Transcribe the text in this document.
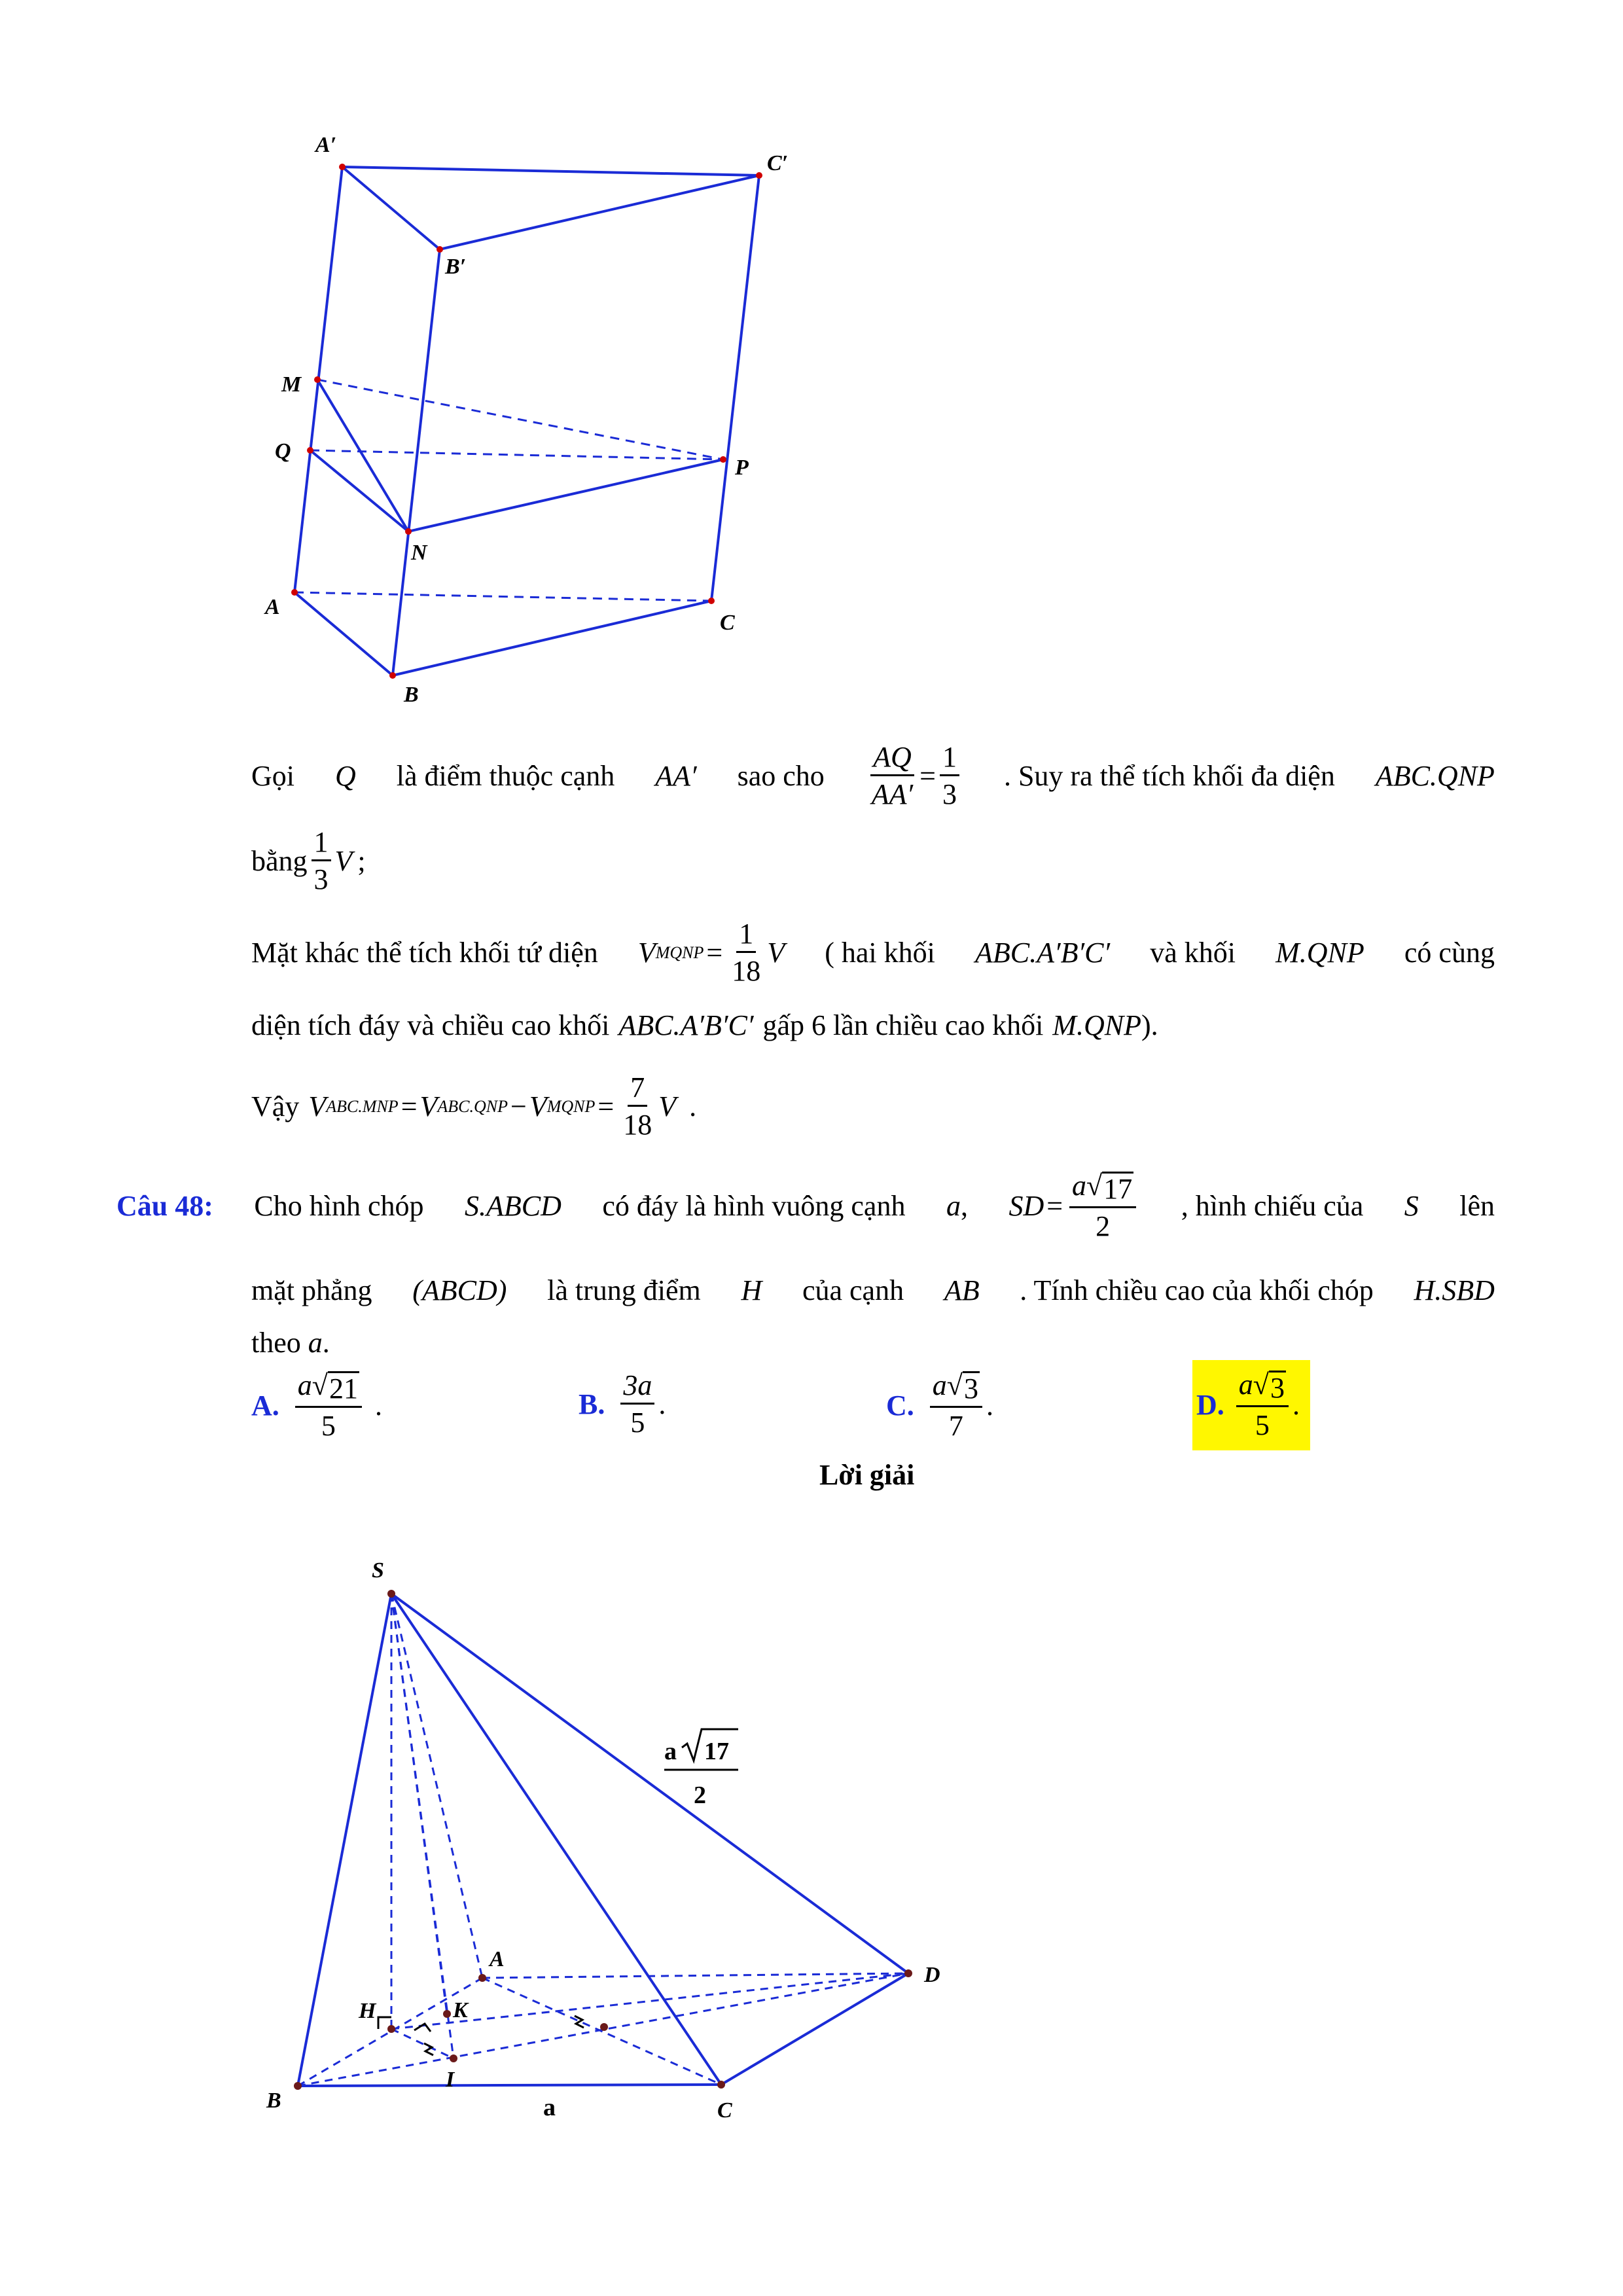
A′
C′
B′
M
Q
P
N
A
C
B
Gọi Q là điểm thuộc cạnh AA′ sao cho $\frac{AQ}{AA'} = \frac{1}{3}$ . Suy ra thể tích khối đa diện ABC.QNP
bằng $\frac{1}{3}$ V ;
Mặt khác thể tích khối tứ diện V MQNP = $\frac{1}{18}$ V ( hai khối ABC.A′B′C′ và khối M.QNP có cùng
diện tích đáy và chiều cao khối ABC.A′B′C′ gấp 6 lần chiều cao khối M.QNP).
Vậy V ABC.MNP = V ABC.QNP − V MQNP = $\frac{7}{18}$ V .
Câu 48: Cho hình chóp S.ABCD có đáy là hình vuông cạnh a, SD = $\frac{a √ 17}{2}$ , hình chiếu của S lên
mặt phẳng (ABCD) là trung điểm H của cạnh AB . Tính chiều cao của khối chóp H.SBD
theo a.
A. $\frac{a √ 21}{5}$ .	B. $\frac{3a}{5}$ .	C. $\frac{a √ 3}{7}$ .	D. $\frac{a √ 3}{5}$ .
Lời giải
S
A
D
H	K
I
B	C
a
a 17
2
